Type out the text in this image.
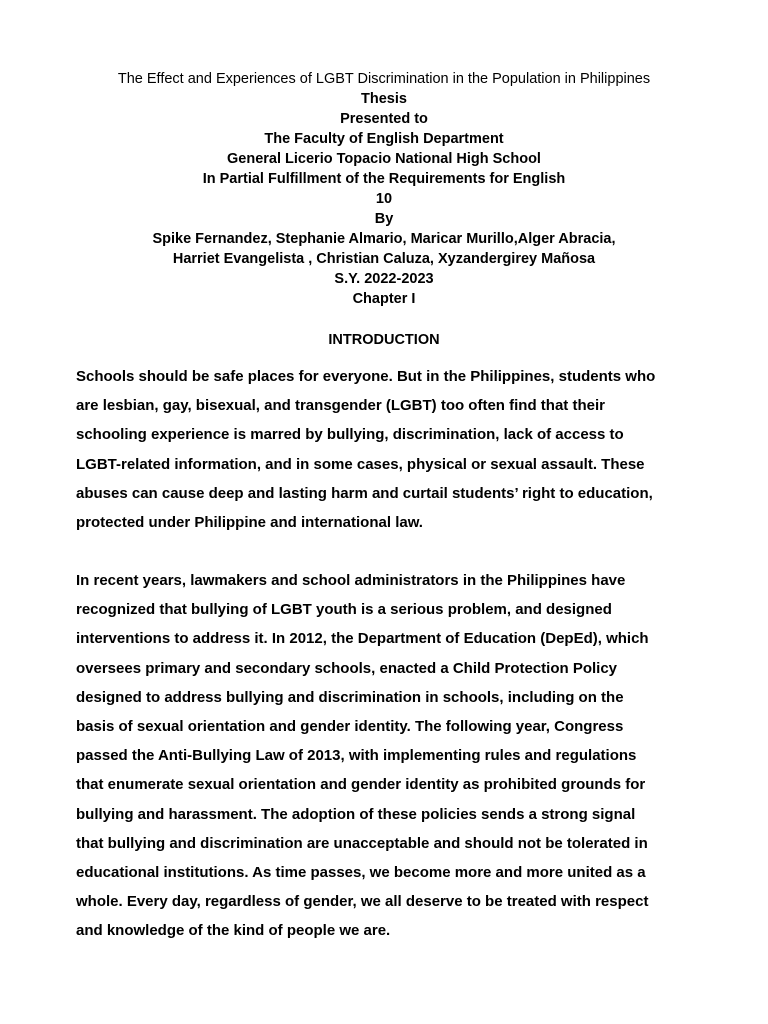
The Effect and Experiences of LGBT Discrimination in the Population in Philippines
Thesis
Presented to
The Faculty of English Department
General Licerio Topacio National High School
In Partial Fulfillment of the Requirements for English
10
By
Spike Fernandez, Stephanie Almario, Maricar Murillo,Alger Abracia,
Harriet Evangelista , Christian Caluza, Xyzandergirey Mañosa
S.Y. 2022-2023
Chapter I
INTRODUCTION
Schools should be safe places for everyone. But in the Philippines, students who
are lesbian, gay, bisexual, and transgender (LGBT) too often find that their
schooling experience is marred by bullying, discrimination, lack of access to
LGBT-related information, and in some cases, physical or sexual assault. These
abuses can cause deep and lasting harm and curtail students’ right to education,
protected under Philippine and international law.
In recent years, lawmakers and school administrators in the Philippines have
recognized that bullying of LGBT youth is a serious problem, and designed
interventions to address it. In 2012, the Department of Education (DepEd), which
oversees primary and secondary schools, enacted a Child Protection Policy
designed to address bullying and discrimination in schools, including on the
basis of sexual orientation and gender identity. The following year, Congress
passed the Anti-Bullying Law of 2013, with implementing rules and regulations
that enumerate sexual orientation and gender identity as prohibited grounds for
bullying and harassment. The adoption of these policies sends a strong signal
that bullying and discrimination are unacceptable and should not be tolerated in
educational institutions. As time passes, we become more and more united as a
whole. Every day, regardless of gender, we all deserve to be treated with respect
and knowledge of the kind of people we are.
